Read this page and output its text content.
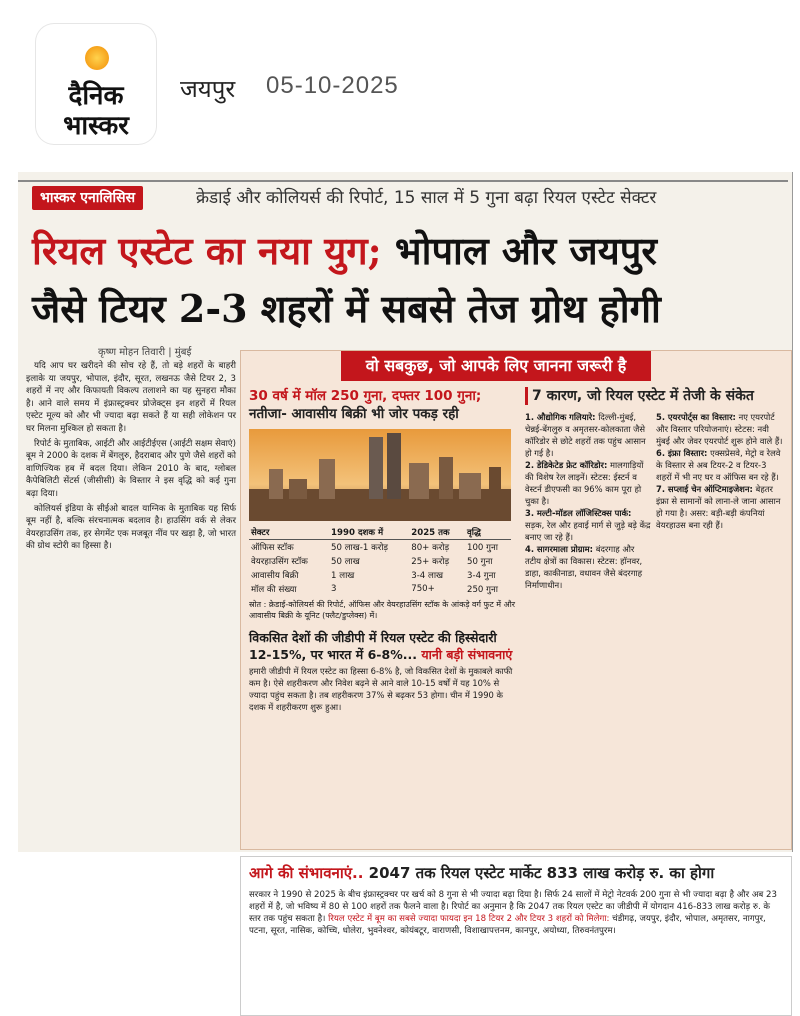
दैनिक
भास्कर
जयपुर 05-10-2025
भास्कर एनालिसिस	क्रेडाई और कोलियर्स की रिपोर्ट, 15 साल में 5 गुना बढ़ा रियल एस्टेट सेक्टर
रियल एस्टेट का नया युग; भोपाल और जयपुर
जैसे टियर 2-3 शहरों में सबसे तेज ग्रोथ होगी
कृष्ण मोहन तिवारी | मुंबई

यदि आप घर खरीदने की सोच रहे हैं, तो बड़े शहरों के बाहरी इलाके या जयपुर, भोपाल, इंदौर, सूरत, लखनऊ जैसे टियर 2, 3 शहरों में नए और किफायती विकल्प तलाशने का यह सुनहरा मौका है। आने वाले समय में इंफ्रास्ट्रक्चर प्रोजेक्ट्स इन शहरों में रियल एस्टेट मूल्य को और भी ज्यादा बढ़ा सकते हैं या सही लोकेशन पर घर मिलना मुश्किल हो सकता है।

रिपोर्ट के मुताबिक, आईटी और आईटीईएस (आईटी सक्षम सेवाएं) बूम ने 2000 के दशक में बेंगलुरु, हैदराबाद और पुणे जैसे शहरों को वाणिज्यिक हब में बदल दिया। लेकिन 2010 के बाद, ग्लोबल कैपेबिलिटी सेंटर्स (जीसीसी) के विस्तार ने इस वृद्धि को कई गुना बढ़ा दिया।

कोलियर्स इंडिया के सीईओ बादल याग्निक के मुताबिक यह सिर्फ बूम नहीं है, बल्कि संरचनात्मक बदलाव है। हाउसिंग वर्क से लेकर वेयरहाउसिंग तक, हर सेगमेंट एक मजबूत नींव पर खड़ा है, जो भारत की ग्रोथ स्टोरी का हिस्सा है।

वो सबकुछ, जो आपके लिए जानना जरूरी है
30 वर्ष में मॉल 250 गुना, दफ्तर 100 गुना; नतीजा- आवासीय बिक्री भी जोर पकड़ रही
सेक्टर	1990 दशक में	2025 तक	वृद्धि
ऑफिस स्टॉक	50 लाख-1 करोड़	80+ करोड़	100 गुना
वेयरहाउसिंग स्टॉक	50 लाख	25+ करोड़	50 गुना
आवासीय बिक्री	1 लाख	3-4 लाख	3-4 गुना
मॉल की संख्या	3	750+	250 गुना
स्रोत : क्रेडाई-कोलियर्स की रिपोर्ट, ऑफिस और वेयरहाउसिंग स्टॉक के आंकड़े वर्ग फुट में और आवासीय बिक्री के यूनिट (फ्लैट/डुप्लेक्स) में।
विकसित देशों की जीडीपी में रियल एस्टेट की हिस्सेदारी 12-15%, पर भारत में 6-8%... यानी बड़ी संभावनाएं
हमारी जीडीपी में रियल एस्टेट का हिस्सा 6-8% है, जो विकसित देशों के मुकाबले काफी कम है। ऐसे शहरीकरण और निवेश बढ़ने से आने वाले 10-15 वर्षों में यह 10% से ज्यादा पहुंच सकता है। तब शहरीकरण 37% से बढ़कर 53 होगा। चीन में 1990 के दशक में शहरीकरण शुरू हुआ।
7 कारण, जो रियल एस्टेट में तेजी के संकेत
1. औद्योगिक गलियारे: दिल्ली-मुंबई, चेन्नई-बेंगलुरु व अमृतसर-कोलकाता जैसे कॉरिडोर से छोटे शहरों तक पहुंच आसान हो गई है।
2. डेडिकेटेड फ्रेट कॉरिडोर: मालगाड़ियों की विशेष रेल लाइनें। स्टेटस: ईस्टर्न व वेस्टर्न डीएफसी का 96% काम पूरा हो चुका है।
3. मल्टी-मॉडल लॉजिस्टिक्स पार्क: सड़क, रेल और हवाई मार्ग से जुड़े बड़े केंद्र बनाए जा रहे हैं।
4. सागरमाला प्रोग्राम: बंदरगाह और तटीय क्षेत्रों का विकास। स्टेटस: हॉनवर, डाहा, काकीनाडा, वधावन जैसे बंदरगाह निर्माणाधीन।
5. एयरपोर्ट्स का विस्तार: नए एयरपोर्ट और विस्तार परियोजनाएं। स्टेटस: नवी मुंबई और जेवर एयरपोर्ट शुरू होने वाले हैं।
6. इंफ्रा विस्तार: एक्सप्रेसवे, मेट्रो व रेलवे के विस्तार से अब टियर-2 व टियर-3 शहरों में भी नए घर व ऑफिस बन रहे हैं।
7. सप्लाई चेन ऑप्टिमाइजेशन: बेहतर इंफ्रा से सामानों को लाना-ले जाना आसान हो गया है। असर: बड़ी-बड़ी कंपनियां वेयरहाउस बना रही हैं।
आगे की संभावनाएं.. 2047 तक रियल एस्टेट मार्केट 833 लाख करोड़ रु. का होगा
सरकार ने 1990 से 2025 के बीच इंफ्रास्ट्रक्चर पर खर्च को 8 गुना से भी ज्यादा बढ़ा दिया है। सिर्फ 24 सालों में मेट्रो नेटवर्क 200 गुना से भी ज्यादा बढ़ा है और अब 23 शहरों में है, जो भविष्य में 80 से 100 शहरों तक फैलने वाला है। रिपोर्ट का अनुमान है कि 2047 तक रियल एस्टेट का जीडीपी में योगदान 416-833 लाख करोड़ रु. के स्तर तक पहुंच सकता है। रियल एस्टेट में बूम का सबसे ज्यादा फायदा इन 18 टियर 2 और टियर 3 शहरों को मिलेगा: चंडीगढ़, जयपुर, इंदौर, भोपाल, अमृतसर, नागपुर, पटना, सूरत, नासिक, कोच्चि, धोलेरा, भुवनेश्वर, कोयंबटूर, वाराणसी, विशाखापत्तनम, कानपुर, अयोध्या, तिरुवनंतपुरम।
